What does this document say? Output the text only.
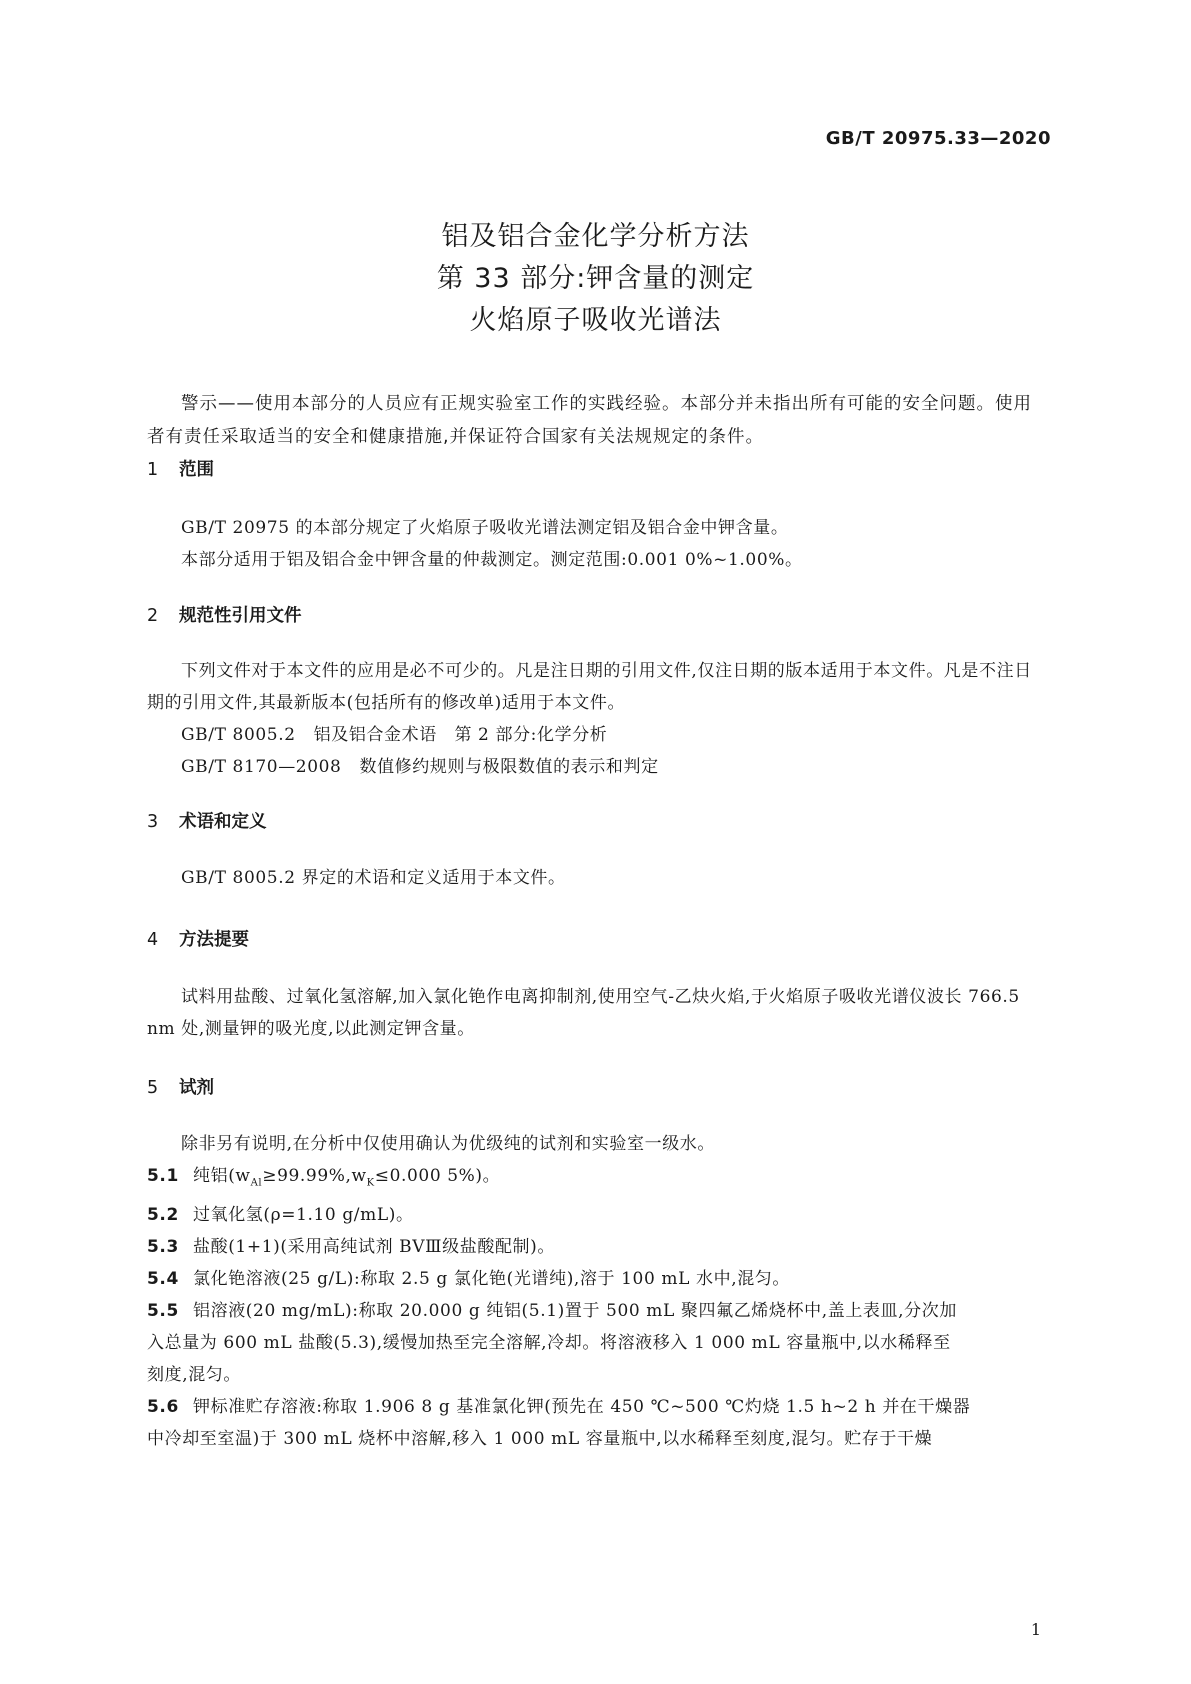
GB/T 20975.33—2020
铝及铝合金化学分析方法
第 33 部分:钾含量的测定
火焰原子吸收光谱法
警示——使用本部分的人员应有正规实验室工作的实践经验。本部分并未指出所有可能的安全问题。使用者有责任采取适当的安全和健康措施,并保证符合国家有关法规规定的条件。
1 范围
GB/T 20975 的本部分规定了火焰原子吸收光谱法测定铝及铝合金中钾含量。
本部分适用于铝及铝合金中钾含量的仲裁测定。测定范围:0.001 0%~1.00%。
2 规范性引用文件
下列文件对于本文件的应用是必不可少的。凡是注日期的引用文件,仅注日期的版本适用于本文件。凡是不注日期的引用文件,其最新版本(包括所有的修改单)适用于本文件。
GB/T 8005.2 铝及铝合金术语　第 2 部分:化学分析
GB/T 8170—2008 数值修约规则与极限数值的表示和判定
3 术语和定义
GB/T 8005.2 界定的术语和定义适用于本文件。
4 方法提要
试料用盐酸、过氧化氢溶解,加入氯化铯作电离抑制剂,使用空气-乙炔火焰,于火焰原子吸收光谱仪波长 766.5 nm 处,测量钾的吸光度,以此测定钾含量。
5 试剂
除非另有说明,在分析中仅使用确认为优级纯的试剂和实验室一级水。
5.1 纯铝($w_{Al}\ge 99.99\%,w_K\le 0.000$ 5%)。
5.2 过氧化氢(ρ=1.10 g/mL)。
5.3 盐酸(1+1)(采用高纯试剂 BVⅢ级盐酸配制)。
5.4 氯化铯溶液(25 g/L):称取 2.5 g 氯化铯(光谱纯),溶于 100 mL 水中,混匀。
5.5 铝溶液(20 mg/mL):称取 20.000 g 纯铝(5.1)置于 500 mL 聚四氟乙烯烧杯中,盖上表皿,分次加
入总量为 600 mL 盐酸(5.3),缓慢加热至完全溶解,冷却。将溶液移入 1 000 mL 容量瓶中,以水稀释至
刻度,混匀。
5.6 钾标准贮存溶液:称取 1.906 8 g 基准氯化钾(预先在 450 ℃~500 ℃灼烧 1.5 h~2 h 并在干燥器
中冷却至室温)于 300 mL 烧杯中溶解,移入 1 000 mL 容量瓶中,以水稀释至刻度,混匀。贮存于干燥
1
